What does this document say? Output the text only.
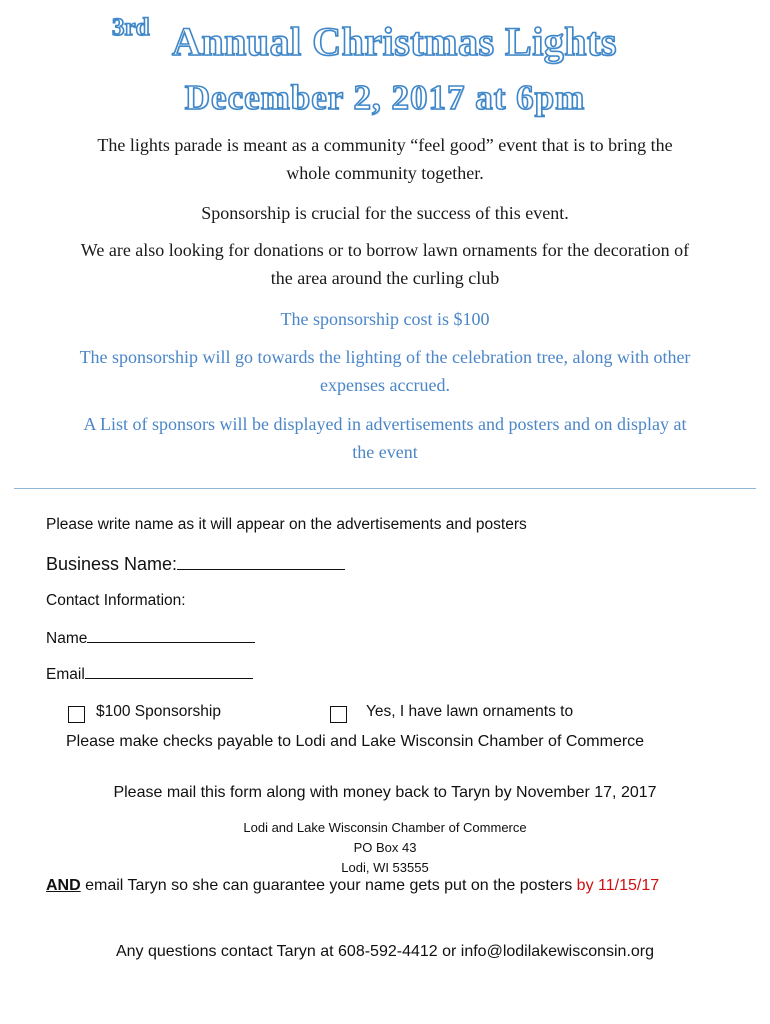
3rd Annual Christmas Lights
December 2, 2017 at 6pm
The lights parade is meant as a community “feel good” event that is to bring the
whole community together.
Sponsorship is crucial for the success of this event.
We are also looking for donations or to borrow lawn ornaments for the decoration of
the area around the curling club
The sponsorship cost is $100
The sponsorship will go towards the lighting of the celebration tree, along with other
expenses accrued.
A List of sponsors will be displayed in advertisements and posters and on display at
the event
Please write name as it will appear on the advertisements and posters
Business Name:
Contact Information:
Name
Email
$100 Sponsorship	Yes, I have lawn ornaments to
Please make checks payable to Lodi and Lake Wisconsin Chamber of Commerce
Please mail this form along with money back to Taryn by November 17, 2017
Lodi and Lake Wisconsin Chamber of Commerce
PO Box 43
Lodi, WI 53555
AND email Taryn so she can guarantee your name gets put on the posters by 11/15/17
Any questions contact Taryn at 608-592-4412 or info@lodilakewisconsin.org
